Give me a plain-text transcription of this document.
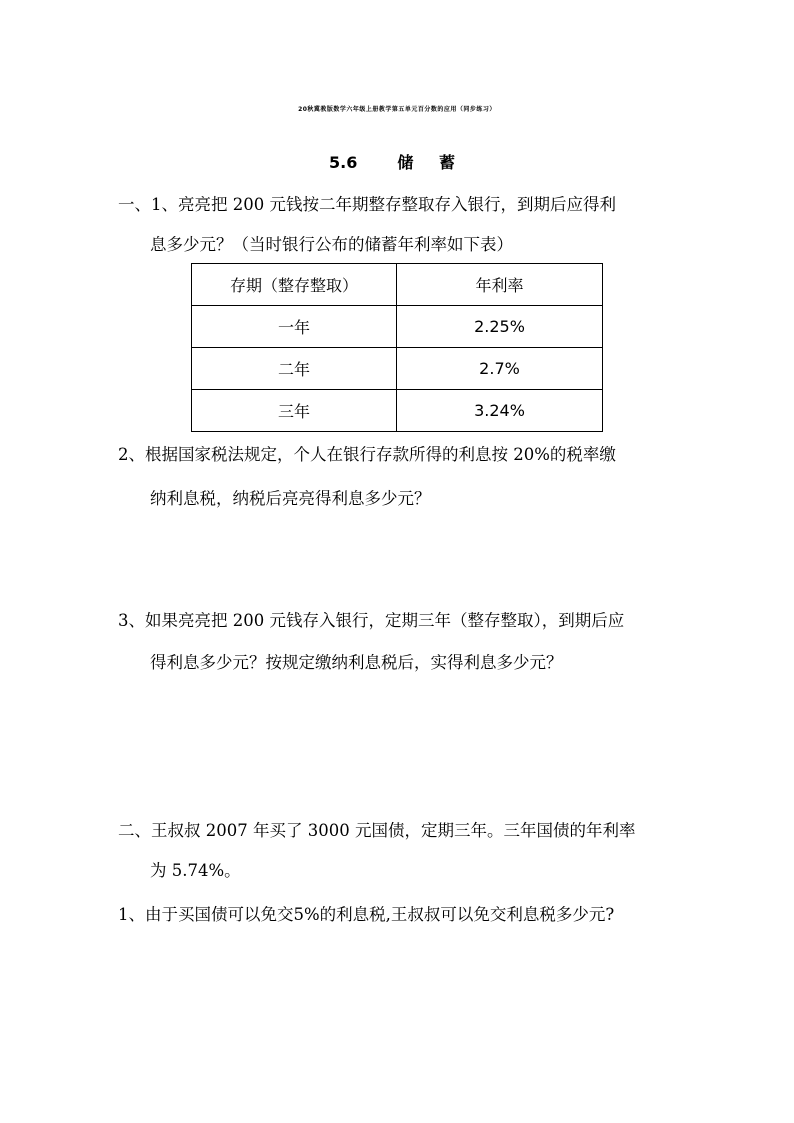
20秋冀教版数学六年级上册教学第五单元百分数的应用（同步练习）
5.6	储 蓄
一、1、亮亮把 200 元钱按二年期整存整取存入银行，到期后应得利
息多少元？（当时银行公布的储蓄年利率如下表）
存期（整存整取）	年利率
一年	2.25%
二年	2.7%
三年	3.24%
2、根据国家税法规定，个人在银行存款所得的利息按 20%的税率缴
纳利息税，纳税后亮亮得利息多少元？
3、如果亮亮把 200 元钱存入银行，定期三年（整存整取），到期后应
得利息多少元？按规定缴纳利息税后，实得利息多少元？
二、王叔叔 2007 年买了 3000 元国债，定期三年。三年国债的年利率
为 5.74%。
1、由于买国债可以免交5%的利息税,王叔叔可以免交利息税多少元?
